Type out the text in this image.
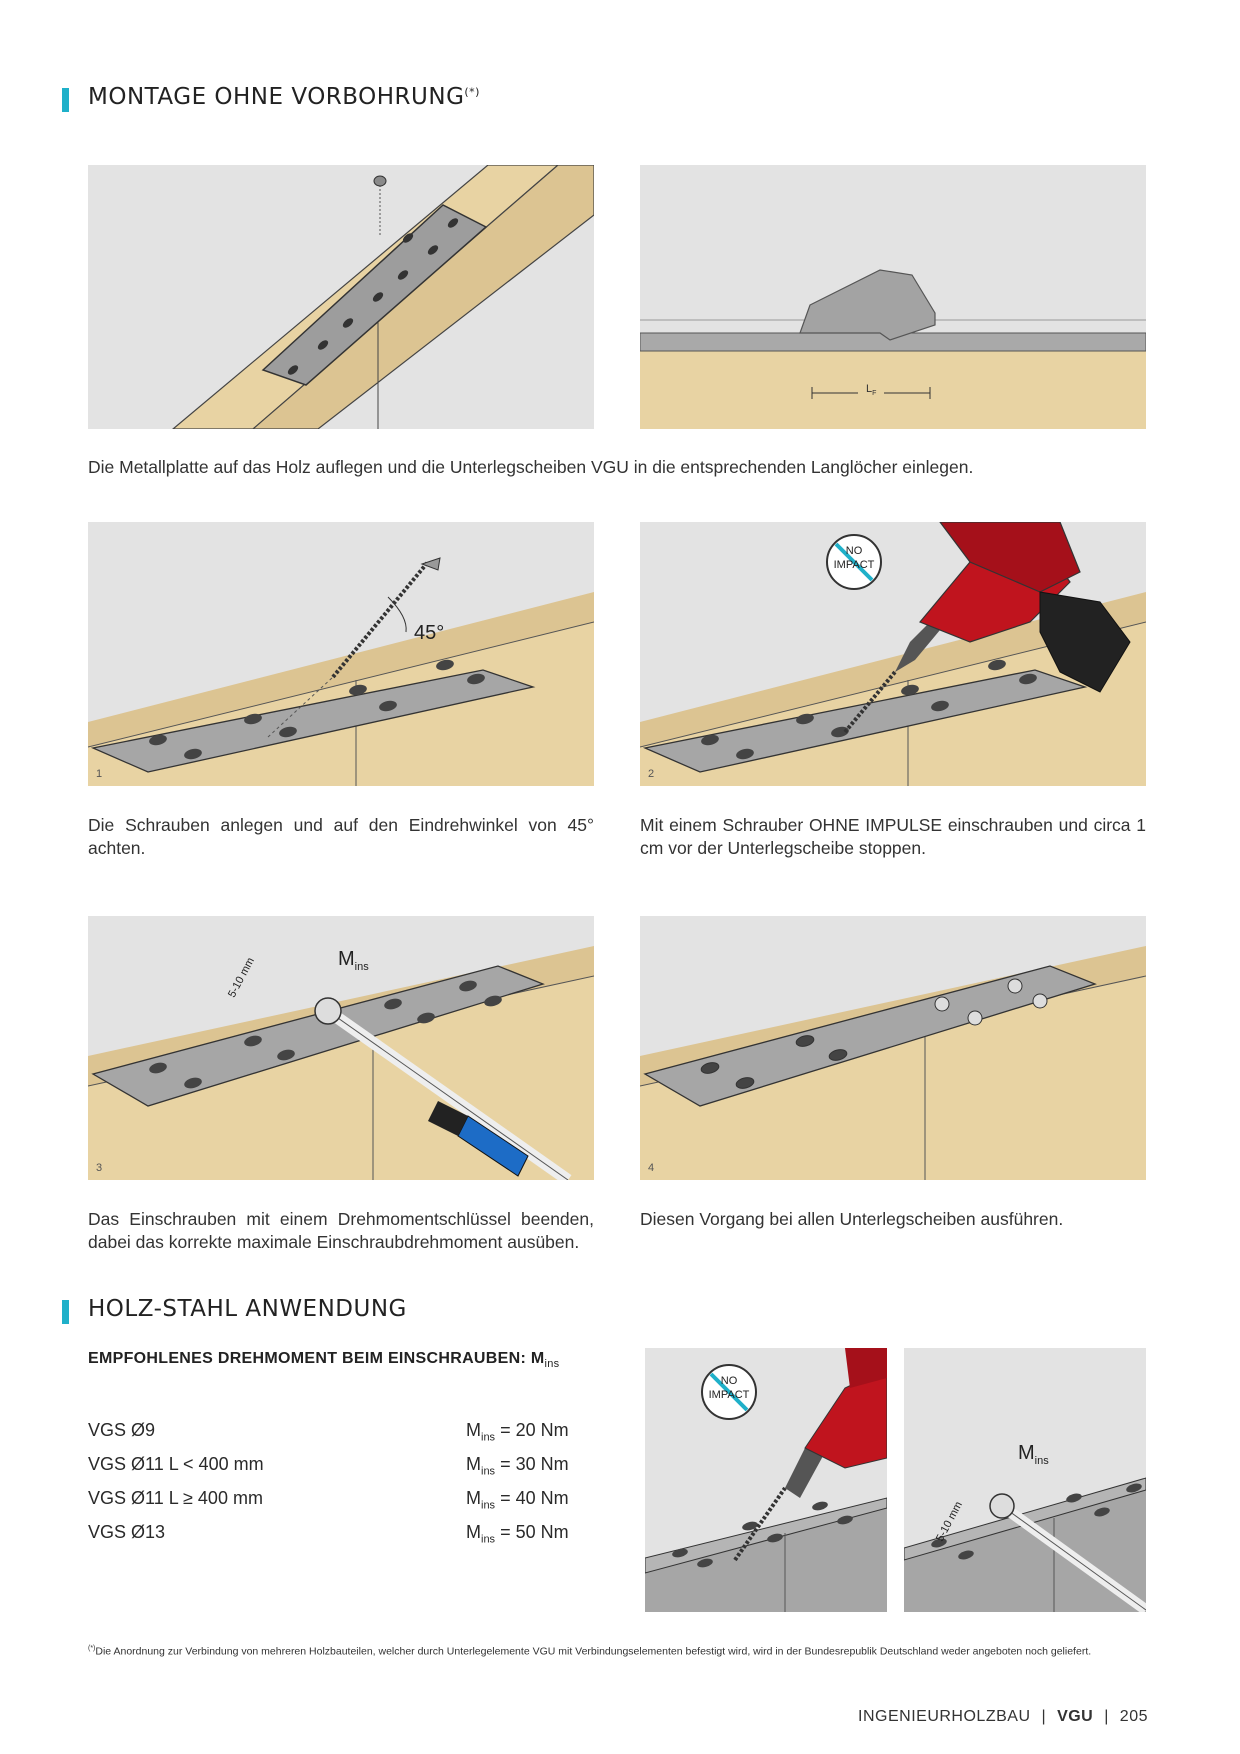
MONTAGE OHNE VORBOHRUNG(*)
$L_F$

Die Metallplatte auf das Holz auflegen und die Unterlegscheiben VGU in die entsprechenden Langlöcher einlegen.

45°
1
NO
IMPACT
2

Die Schrauben anlegen und auf den Eindrehwinkel von 45° achten.

Mit einem Schrauber OHNE IMPULSE einschrauben und circa 1 cm vor der Unterlegscheibe stoppen.

$M_{ins}$
5-10 mm
3	4

Das Einschrauben mit einem Drehmomentschlüssel beenden, dabei das korrekte maximale Einschraubdrehmoment ausüben.

Diesen Vorgang bei allen Unterlegscheiben ausführen.

HOLZ-STAHL ANWENDUNG
EMPFOHLENES DREHMOMENT BEIM EINSCHRAUBEN: $M_{ins}$
VGS Ø9	$M_{ins} = 20$ Nm
VGS Ø11 L < 400 mm	$M_{ins} = 30$ Nm
VGS Ø11 L ≥ 400 mm	$M_{ins} = 40$ Nm
VGS Ø13	$M_{ins} = 50$ Nm
NO
IMPACT
$M_{ins}$
5-10 mm
(*)Die Anordnung zur Verbindung von mehreren Holzbauteilen, welcher durch Unterlegelemente VGU mit Verbindungselementen befestigt wird, wird in der Bundesrepublik Deutschland weder angeboten noch geliefert.
INGENIEURHOLZBAU | VGU | 205
